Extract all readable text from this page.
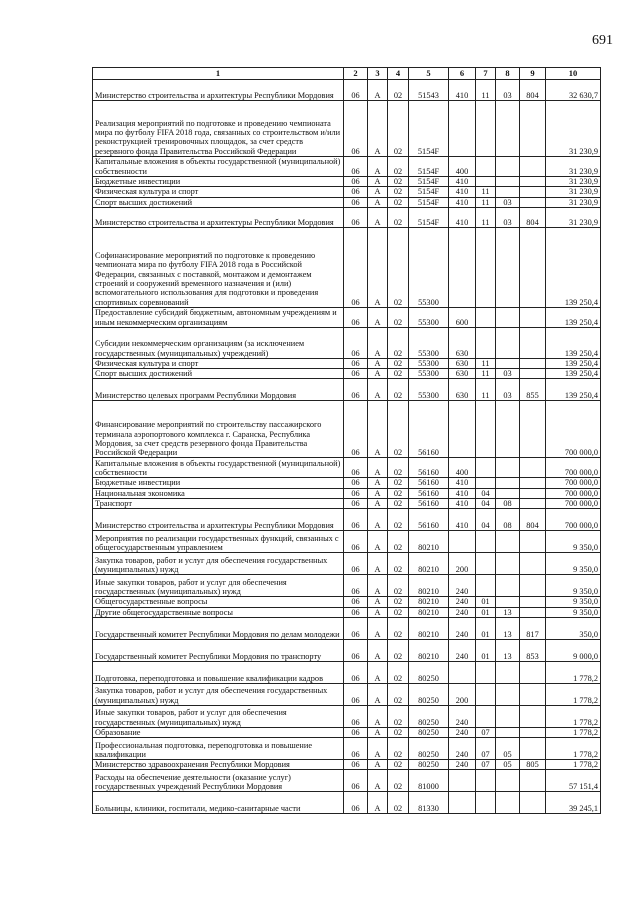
691
1	2	3	4	5	6	7	8	9	10
Министерство строительства и архитектуры Республики Мордовия	06	А	02	51543	410	11	03	804	32 630,7
Реализация мероприятий по подготовке и проведению чемпионата мира по футболу FIFA 2018 года, связанных со строительством и/или реконструкцией тренировочных площадок, за счет средств резервного фонда Правительства Российской Федерации	06	А	02	5154F					31 230,9
Капитальные вложения в объекты государственной (муниципальной) собственности	06	А	02	5154F	400				31 230,9
Бюджетные инвестиции	06	А	02	5154F	410				31 230,9
Физическая культура и спорт	06	А	02	5154F	410	11			31 230,9
Спорт высших достижений	06	А	02	5154F	410	11	03		31 230,9
Министерство строительства и архитектуры Республики Мордовия	06	А	02	5154F	410	11	03	804	31 230,9
Софинансирование мероприятий по подготовке к проведению чемпионата мира по футболу FIFA 2018 года в Российской Федерации, связанных с поставкой, монтажом и демонтажем строений и сооружений временного назначения и (или) вспомогательного использования для подготовки и проведения спортивных соревнований	06	А	02	55300					139 250,4
Предоставление субсидий бюджетным, автономным учреждениям и иным некоммерческим организациям	06	А	02	55300	600				139 250,4
Субсидии некоммерческим организациям (за исключением государственных (муниципальных) учреждений)	06	А	02	55300	630				139 250,4
Физическая культура и спорт	06	А	02	55300	630	11			139 250,4
Спорт высших достижений	06	А	02	55300	630	11	03		139 250,4
Министерство целевых программ Республики Мордовия	06	А	02	55300	630	11	03	855	139 250,4
Финансирование мероприятий по строительству пассажирского терминала аэропортового комплекса г. Саранска, Республика Мордовия, за счет средств резервного фонда Правительства Российской Федерации	06	А	02	56160					700 000,0
Капитальные вложения в объекты государственной (муниципальной) собственности	06	А	02	56160	400				700 000,0
Бюджетные инвестиции	06	А	02	56160	410				700 000,0
Национальная экономика	06	А	02	56160	410	04			700 000,0
Транспорт	06	А	02	56160	410	04	08		700 000,0
Министерство строительства и архитектуры Республики Мордовия	06	А	02	56160	410	04	08	804	700 000,0
Мероприятия по реализации государственных функций, связанных с общегосударственным управлением	06	А	02	80210					9 350,0
Закупка товаров, работ и услуг для обеспечения государственных (муниципальных) нужд	06	А	02	80210	200				9 350,0
Иные закупки товаров, работ и услуг для обеспечения государственных (муниципальных) нужд	06	А	02	80210	240				9 350,0
Общегосударственные вопросы	06	А	02	80210	240	01			9 350,0
Другие общегосударственные вопросы	06	А	02	80210	240	01	13		9 350,0
Государственный комитет Республики Мордовия по делам молодежи	06	А	02	80210	240	01	13	817	350,0
Государственный комитет Республики Мордовия по транспорту	06	А	02	80210	240	01	13	853	9 000,0
Подготовка, переподготовка и повышение квалификации кадров	06	А	02	80250					1 778,2
Закупка товаров, работ и услуг для обеспечения государственных (муниципальных) нужд	06	А	02	80250	200				1 778,2
Иные закупки товаров, работ и услуг для обеспечения государственных (муниципальных) нужд	06	А	02	80250	240				1 778,2
Образование	06	А	02	80250	240	07			1 778,2
Профессиональная подготовка, переподготовка и повышение квалификации	06	А	02	80250	240	07	05		1 778,2
Министерство здравоохранения Республики Мордовия	06	А	02	80250	240	07	05	805	1 778,2
Расходы на обеспечение деятельности (оказание услуг) государственных учреждений Республики Мордовия	06	А	02	81000					57 151,4
Больницы, клиники, госпитали, медико-санитарные части	06	А	02	81330					39 245,1
